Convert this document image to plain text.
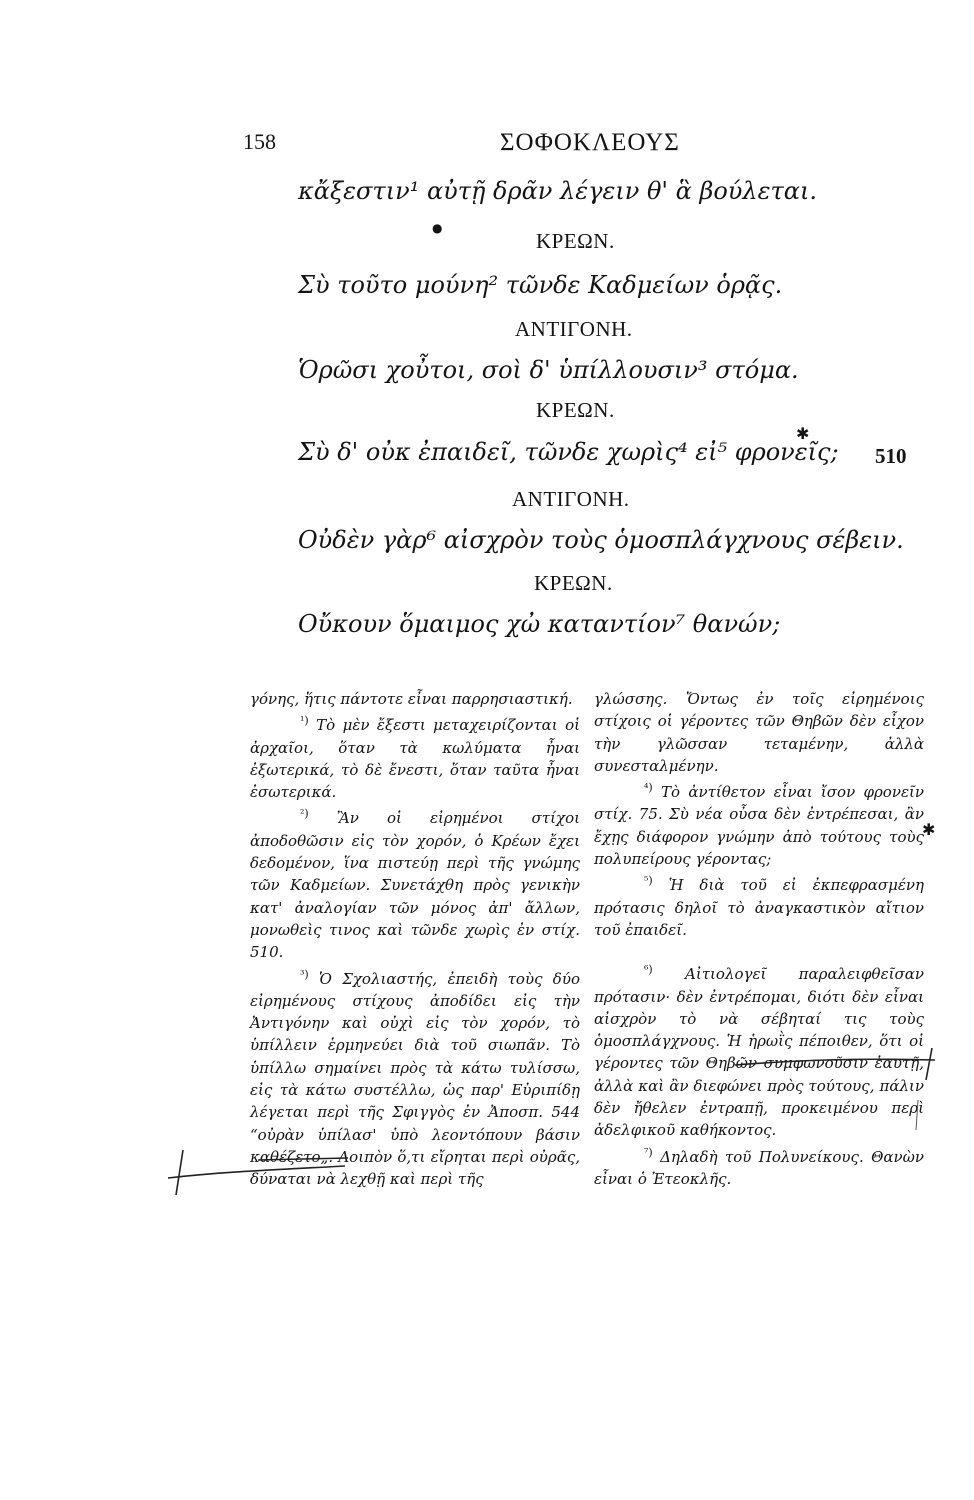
158	ΣΟΦΟΚΛΕΟΥΣ
κἄξεστιν¹ αὐτῇ δρᾶν λέγειν θ' ἃ βούλεται.
●
ΚΡΕΩΝ.
Σὺ τοῦτο μούνη² τῶνδε Καδμείων ὁρᾷς.
ΑΝΤΙΓΟΝΗ.
Ὁρῶσι χοὖτοι, σοὶ δ' ὑπίλλουσιν³ στόμα.
ΚΡΕΩΝ.
Σὺ δ' οὐκ ἐπαιδεῖ, τῶνδε χωρὶς⁴ εἰ⁵ φρονεῖς;
✱
510
ΑΝΤΙΓΟΝΗ.
Οὐδὲν γὰρ⁶ αἰσχρὸν τοὺς ὁμοσπλάγχνους σέβειν.
ΚΡΕΩΝ.
Οὔκουν ὅμαιμος χὠ καταντίον⁷ θανών;

γόνης, ἥτις πάντοτε εἶναι παρρησιαστική.

$^{^1)}$ Τὸ μὲν ἔξεστι μεταχειρίζονται οἱ ἀρχαῖοι, ὅταν τὰ κωλύματα ἦναι ἐξωτερικά, τὸ δὲ ἔνεστι, ὅταν ταῦτα ἦναι ἐσωτερικά.

$^{^2)}$ Ἂν οἱ εἰρημένοι στίχοι ἀποδοθῶσιν εἰς τὸν χορόν, ὁ Κρέων ἔχει δεδομένον, ἵνα πιστεύῃ περὶ τῆς γνώμης τῶν Καδμείων. Συνετάχθη πρὸς γενικὴν κατ' ἀναλογίαν τῶν μόνος ἀπ' ἄλλων, μονωθεὶς τινος καὶ τῶνδε χωρὶς ἐν στίχ. 510.

$^{^3)}$ Ὁ Σχολιαστής, ἐπειδὴ τοὺς δύο εἰρημένους στίχους ἀποδίδει εἰς τὴν Ἀντιγόνην καὶ οὐχὶ εἰς τὸν χορόν, τὸ ὑπίλλειν ἑρμηνεύει διὰ τοῦ σιωπᾶν. Τὸ ὑπίλλω σημαίνει πρὸς τὰ κάτω τυλίσσω, εἰς τὰ κάτω συστέλλω, ὡς παρ' Εὐριπίδῃ λέγεται περὶ τῆς Σφιγγὸς ἐν Ἀποσπ. 544 “οὐρὰν ὑπίλασ' ὑπὸ λεοντόπουν βάσιν καθέζετο„. Λοιπὸν ὅ,τι εἴρηται περὶ οὐρᾶς, δύναται νὰ λεχθῇ καὶ περὶ τῆς

γλώσσης. Ὄντως ἐν τοῖς εἰρημένοις στίχοις οἱ γέροντες τῶν Θηβῶν δὲν εἶχον τὴν γλῶσσαν τεταμένην, ἀλλὰ συνεσταλμένην.

$^{^4)}$ Τὸ ἀντίθετον εἶναι ἴσον φρονεῖν στίχ. 75. Σὺ νέα οὖσα δὲν ἐντρέπεσαι, ἂν ἔχῃς διάφορον γνώμην ἀπὸ τούτους τοὺς πολυπείρους γέροντας;

$^{^5)}$ Ἡ διὰ τοῦ εἰ ἐκπεφρασμένη πρότασις δηλοῖ τὸ ἀναγκαστικὸν αἴτιον τοῦ ἐπαιδεῖ.

$^{^6)}$ Αἰτιολογεῖ παραλειφθεῖσαν πρότασιν· δὲν ἐντρέπομαι, διότι δὲν εἶναι αἰσχρὸν τὸ νὰ σέβηταί τις τοὺς ὁμοσπλάγχνους. Ἡ ἡρωῒς πέποιθεν, ὅτι οἱ γέροντες τῶν Θηβῶν συμφωνοῦσιν ἑαυτῇ, ἀλλὰ καὶ ἂν διεφώνει πρὸς τούτους, πάλιν δὲν ἤθελεν ἐντραπῇ, προκειμένου περὶ ἀδελφικοῦ καθήκοντος.

$^{^7)}$ Δηλαδὴ τοῦ Πολυνείκους. Θανὼν εἶναι ὁ Ἐτεοκλῆς.

✱
